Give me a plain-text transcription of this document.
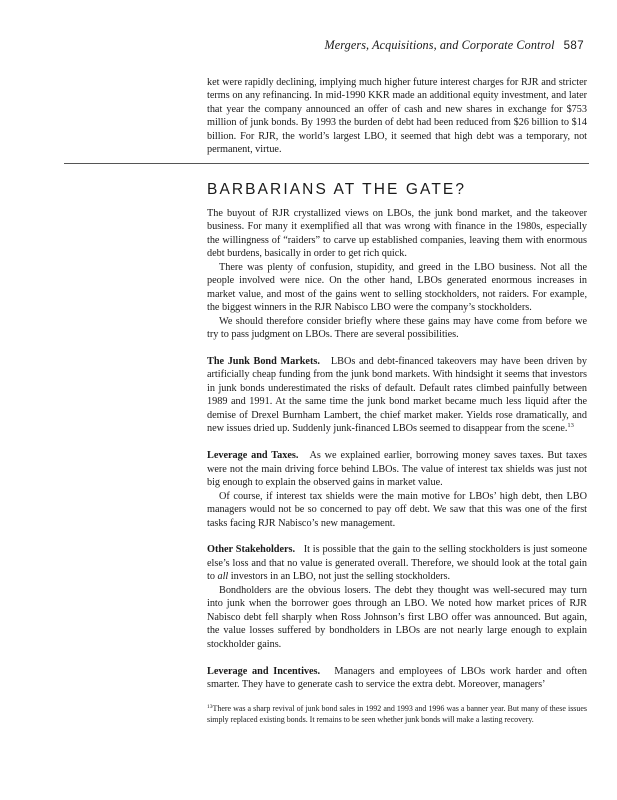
Mergers, Acquisitions, and Corporate Control 587

ket were rapidly declining, implying much higher future interest charges for RJR and stricter terms on any refinancing. In mid-1990 KKR made an additional equity investment, and later that year the company announced an offer of cash and new shares in exchange for $753 million of junk bonds. By 1993 the burden of debt had been reduced from $26 billion to $14 billion. For RJR, the world’s largest LBO, it seemed that high debt was a temporary, not permanent, virtue.

BARBARIANS AT THE GATE?

The buyout of RJR crystallized views on LBOs, the junk bond market, and the takeover business. For many it exemplified all that was wrong with finance in the 1980s, especially the willingness of “raiders” to carve up established companies, leaving them with enormous debt burdens, basically in order to get rich quick.

There was plenty of confusion, stupidity, and greed in the LBO business. Not all the people involved were nice. On the other hand, LBOs generated enormous increases in market value, and most of the gains went to selling stockholders, not raiders. For example, the biggest winners in the RJR Nabisco LBO were the company’s stockholders.

We should therefore consider briefly where these gains may have come from before we try to pass judgment on LBOs. There are several possibilities.

The Junk Bond Markets. LBOs and debt-financed takeovers may have been driven by artificially cheap funding from the junk bond markets. With hindsight it seems that investors in junk bonds underestimated the risks of default. Default rates climbed painfully between 1989 and 1991. At the same time the junk bond market became much less liquid after the demise of Drexel Burnham Lambert, the chief market maker. Yields rose dramatically, and new issues dried up. Suddenly junk-financed LBOs seemed to disappear from the scene.$^{13}$

Leverage and Taxes. As we explained earlier, borrowing money saves taxes. But taxes were not the main driving force behind LBOs. The value of interest tax shields was just not big enough to explain the observed gains in market value.

Of course, if interest tax shields were the main motive for LBOs’ high debt, then LBO managers would not be so concerned to pay off debt. We saw that this was one of the first tasks facing RJR Nabisco’s new management.

Other Stakeholders. It is possible that the gain to the selling stockholders is just someone else’s loss and that no value is generated overall. Therefore, we should look at the total gain to all investors in an LBO, not just the selling stockholders.

Bondholders are the obvious losers. The debt they thought was well-secured may turn into junk when the borrower goes through an LBO. We noted how market prices of RJR Nabisco debt fell sharply when Ross Johnson’s first LBO offer was announced. But again, the value losses suffered by bondholders in LBOs are not nearly large enough to explain stockholder gains.

Leverage and Incentives. Managers and employees of LBOs work harder and often smarter. They have to generate cash to service the extra debt. Moreover, managers’

$^{13}$There was a sharp revival of junk bond sales in 1992 and 1993 and 1996 was a banner year. But many of these issues simply replaced existing bonds. It remains to be seen whether junk bonds will make a lasting recovery.
